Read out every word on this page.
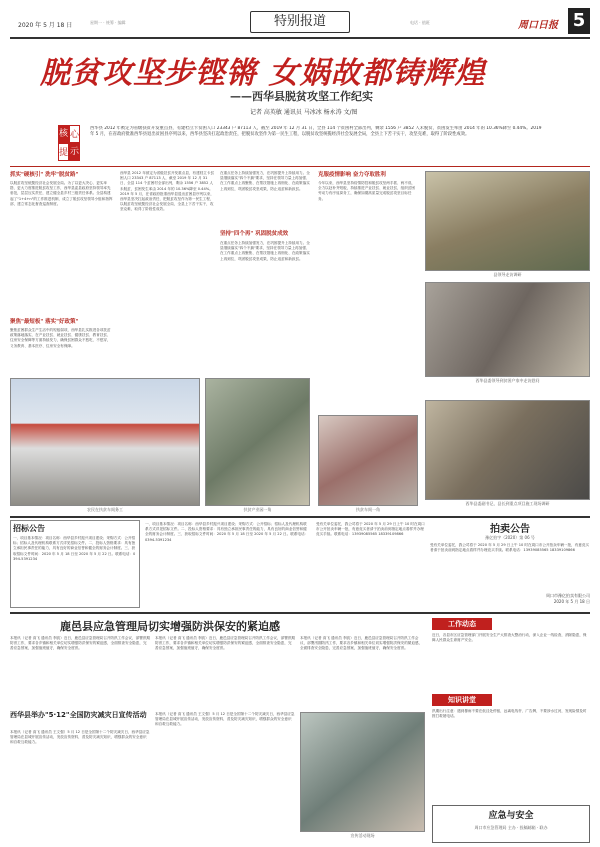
2020 年 5 月 18 日	星期一 · 统筹 · 编辑	特别报道	电话 · 值班	周口日报 5
脱贫攻坚步铿锵 女娲故都铸辉煌
——西华县脱贫攻坚工作纪实
记者 高英敏 通讯员 马冰冰 杨永涛 文/图
核 心
提 示
西华县 2012 年被定为省级扶贫开发重点县，有建档立卡贫困人口 23343 户 87113 人，截至 2019 年 12 月 31 日，全县 114 个贫困村全部出列，剩余 1556 户 3852 人未脱贫，贫困发生率由 2014 年的 10.36%降至 0.44%。2019 年 5 月，在省政府批准西华县退出贫困县序列以来，西华县坚决扛起政治责任，把脱贫攻坚作为第一民生工程，以脱贫攻坚统揽经济社会发展全局，全县上下苦干实干，攻坚克难，取得了阶段性成效。
抓实"硬核引" 洗牢"脱贫路"
以脱贫攻坚统揽经济社会发展全局。为了以更大决心、更实举措、更大力度推进脱贫攻坚工作，西华县委县政府坚持领导率先垂范，层层压实责任，建立健全县乡村三级责任体系。全县构建起了"1+4+n"的工作推进机制，成立了脱贫攻坚领导小组和指挥部，建立常态化督查巡查制度。
聚焦"最短板" 落实"好政策"
聚焦贫困群众生产生活中的短板弱项，西华县扎实推进各项扶贫政策落地落实，在产业扶贫、就业扶贫、健康扶贫、教育扶贫、住房安全保障等方面持续发力，确保贫困群众不愁吃、不愁穿，义务教育、基本医疗、住房安全有保障。
西华县 2012 年被定为省级扶贫开发重点县，有建档立卡贫困人口 23343 户 87113 人，截至 2019 年 12 月 31 日，全县 114 个贫困村全部出列，剩余 1556 户 3852 人未脱贫，贫困发生率由 2014 年的 10.36%降至 0.44%。2019 年 5 月，在省政府批准西华县退出贫困县序列以来，西华县坚决扛起政治责任，把脱贫攻坚作为第一民生工程，以脱贫攻坚统揽经济社会发展全局，全县上下苦干实干，攻坚克难，取得了阶段性成效。
在重点任务上持续加强发力，在巩固提升上持续用力。全县继续落实"四个不摘"要求，坚持在领导力量上再加强、在工作重点上再聚焦、在帮扶措施上再细化、在政策落实上再到位，巩固脱贫攻坚成果，防止返贫和新致贫。
坚持"四个再" 巩固脱贫成效
在重点任务上持续加强发力，在巩固提升上持续用力。全县继续落实"四个不摘"要求，坚持在领导力量上再加强、在工作重点上再聚焦、在帮扶措施上再细化、在政策落实上再到位，巩固脱贫攻坚成果，防止返贫和新致贫。
克服疫情影响 奋力夺取胜利
今年以来，西华县坚持疫情防控和脱贫攻坚两手抓、两不误，全力以赴补齐短板，持续推进产业扶贫、就业扶贫，组织贫困劳动力有序返岗务工，确保如期高质量完成脱贫攻坚目标任务。
县领导走访调研
西华县委领导到贫困户家中走访慰问
西华县委副书记、县长到重点项目施工现场调研
农民在扶贫车间务工	扶贫产业园一角	扶贫车间一角
招标公告
一、项目基本情况：项目名称：西华县乡村振兴项目建设；采购方式：公开招标；招标人及代理机构联系方式详见招标文件。二、投标人资格要求：具有独立承担民事责任的能力，具有良好的商业信誉和健全的财务会计制度。三、获取招标文件时间：2020 年 5 月 18 日至 2020 年 5 月 22 日。联系电话：0394-5391234
一、项目基本情况：项目名称：西华县乡村振兴项目建设；采购方式：公开招标；招标人及代理机构联系方式详见招标文件。二、投标人资格要求：具有独立承担民事责任的能力，具有良好的商业信誉和健全的财务会计制度。三、获取招标文件时间：2020 年 5 月 18 日至 2020 年 5 月 22 日。联系电话：0394-5391234
受有关单位委托，我公司将于 2020 年 5 月 29 日上午 10 时在周口市公开拍卖车辆一批，有意竞买者请于拍卖前到指定地点看样并办理竞买手续。联系电话：13939085565 18339109866	拍卖公告
豫亿拍字（2020）第 06 号
受有关单位委托，我公司将于 2020 年 5 月 29 日上午 10 时在周口市公开拍卖车辆一批，有意竞买者请于拍卖前到指定地点看样并办理竞买手续。联系电话：13939085565 18339109866
周口市豫亿拍卖有限公司
2020 年 5 月 18 日
鹿邑县应急管理局切实增强防洪保安的紧迫感
本报讯（记者 高飞 通讯员 李凯）近日，鹿邑县应急管理局召开防汛工作会议，部署汛期防汛工作，要求各乡镇和相关单位切实增强防洪保安的紧迫感，全面排查安全隐患，完善应急预案，加强值班值守，确保安全度汛。
本报讯（记者 高飞 通讯员 李凯）近日，鹿邑县应急管理局召开防汛工作会议，部署汛期防汛工作，要求各乡镇和相关单位切实增强防洪保安的紧迫感，全面排查安全隐患，完善应急预案，加强值班值守，确保安全度汛。
本报讯（记者 高飞 通讯员 李凯）近日，鹿邑县应急管理局召开防汛工作会议，部署汛期防汛工作，要求各乡镇和相关单位切实增强防洪保安的紧迫感，全面排查安全隐患，完善应急预案，加强值班值守，确保安全度汛。
西华县举办"5·12"全国防灾减灾日宣传活动
本报讯（记者 高飞 通讯员 王文强）5 月 12 日是全国第十二个防灾减灾日，西华县应急管理局在县城开展宣传活动，发放宣传资料，普及防灾减灾知识，增强群众的安全意识和自救互救能力。
本报讯（记者 高飞 通讯员 王文强）5 月 12 日是全国第十二个防灾减灾日，西华县应急管理局在县城开展宣传活动，发放宣传资料，普及防灾减灾知识，增强群众的安全意识和自救互救能力。
宣传活动现场
工作动态
近日，各县市区应急管理部门开展安全生产大排查大整治行动，深入企业一线检查，消除隐患，保障人民群众生命财产安全。
知识讲堂
汛期出行注意：遇到暴雨不要在低洼处停留，远离电线杆、广告牌，不要涉水过河，发现险情及时拨打救援电话。
应急与安全
周口市应急管理局 主办 · 投稿邮箱 · 联办
